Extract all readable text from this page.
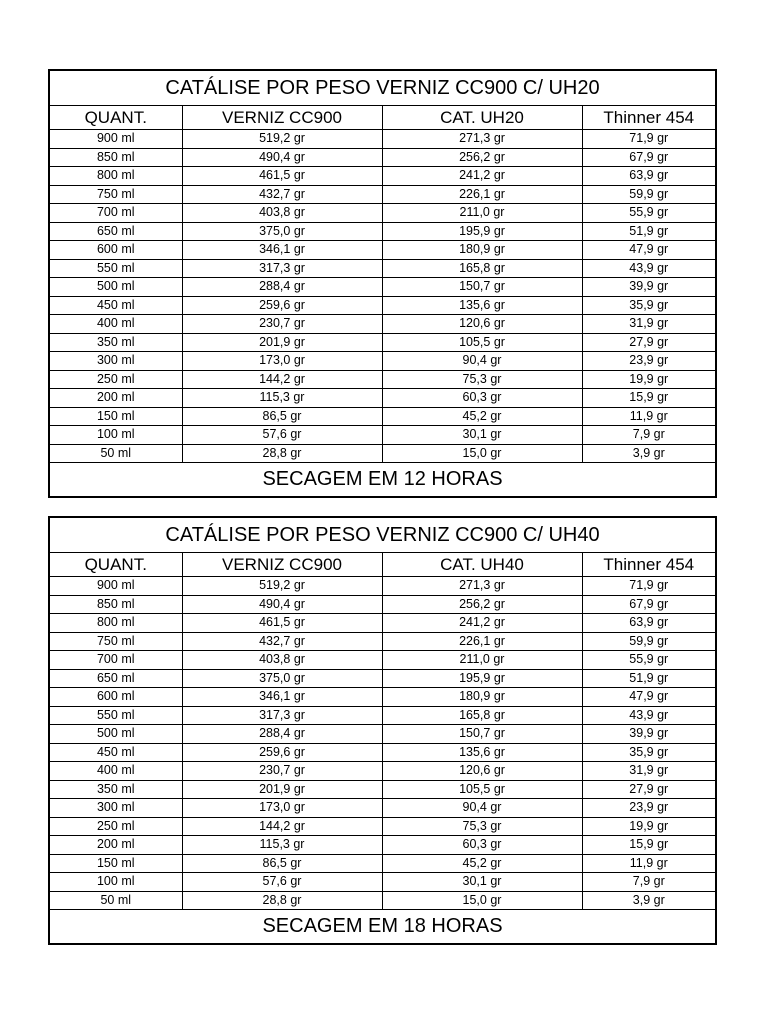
CATÁLISE POR PESO VERNIZ CC900 C/ UH20			
QUANT.	VERNIZ CC900	CAT. UH20	Thinner 454
900 ml	519,2 gr	271,3 gr	71,9 gr
850 ml	490,4 gr	256,2 gr	67,9 gr
800 ml	461,5 gr	241,2 gr	63,9 gr
750 ml	432,7 gr	226,1 gr	59,9 gr
700 ml	403,8 gr	211,0 gr	55,9 gr
650 ml	375,0 gr	195,9 gr	51,9 gr
600 ml	346,1 gr	180,9 gr	47,9 gr
550 ml	317,3 gr	165,8 gr	43,9 gr
500 ml	288,4 gr	150,7 gr	39,9 gr
450 ml	259,6 gr	135,6 gr	35,9 gr
400 ml	230,7 gr	120,6 gr	31,9 gr
350 ml	201,9 gr	105,5 gr	27,9 gr
300 ml	173,0 gr	90,4 gr	23,9 gr
250 ml	144,2 gr	75,3 gr	19,9 gr
200 ml	115,3 gr	60,3 gr	15,9 gr
150 ml	86,5 gr	45,2 gr	11,9 gr
100 ml	57,6 gr	30,1 gr	7,9 gr
50 ml	28,8 gr	15,0 gr	3,9 gr
SECAGEM EM 12 HORAS			
CATÁLISE POR PESO VERNIZ CC900 C/ UH40			
QUANT.	VERNIZ CC900	CAT. UH40	Thinner 454
900 ml	519,2 gr	271,3 gr	71,9 gr
850 ml	490,4 gr	256,2 gr	67,9 gr
800 ml	461,5 gr	241,2 gr	63,9 gr
750 ml	432,7 gr	226,1 gr	59,9 gr
700 ml	403,8 gr	211,0 gr	55,9 gr
650 ml	375,0 gr	195,9 gr	51,9 gr
600 ml	346,1 gr	180,9 gr	47,9 gr
550 ml	317,3 gr	165,8 gr	43,9 gr
500 ml	288,4 gr	150,7 gr	39,9 gr
450 ml	259,6 gr	135,6 gr	35,9 gr
400 ml	230,7 gr	120,6 gr	31,9 gr
350 ml	201,9 gr	105,5 gr	27,9 gr
300 ml	173,0 gr	90,4 gr	23,9 gr
250 ml	144,2 gr	75,3 gr	19,9 gr
200 ml	115,3 gr	60,3 gr	15,9 gr
150 ml	86,5 gr	45,2 gr	11,9 gr
100 ml	57,6 gr	30,1 gr	7,9 gr
50 ml	28,8 gr	15,0 gr	3,9 gr
SECAGEM EM 18 HORAS			
